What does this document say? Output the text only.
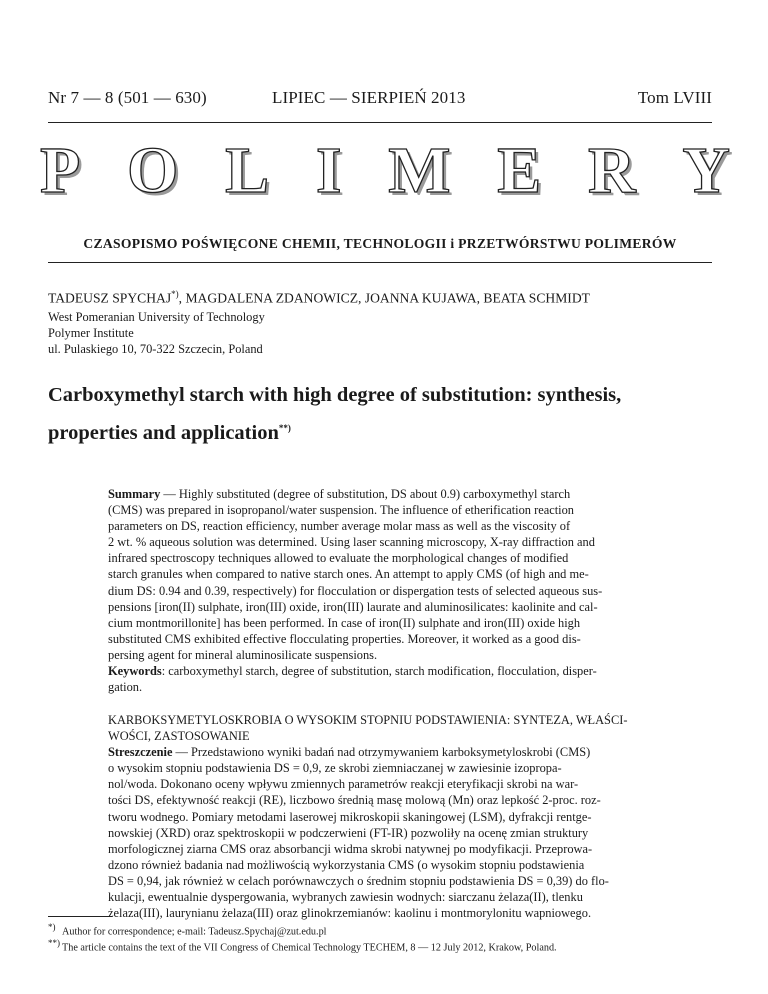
Nr 7 — 8 (501 — 630)	LIPIEC — SIERPIEŃ 2013	Tom LVIII
P O L I M E R Y
CZASOPISMO POŚWIĘCONE CHEMII, TECHNOLOGII i PRZETWÓRSTWU POLIMERÓW
TADEUSZ SPYCHAJ*), MAGDALENA ZDANOWICZ, JOANNA KUJAWA, BEATA SCHMIDT
West Pomeranian University of Technology
Polymer Institute
ul. Pulaskiego 10, 70-322 Szczecin, Poland
Carboxymethyl starch with high degree of substitution: synthesis,
properties and application**)
Summary — Highly substituted (degree of substitution, DS about 0.9) carboxymethyl starch
(CMS) was prepared in isopropanol/water suspension. The influence of etherification reaction
parameters on DS, reaction efficiency, number average molar mass as well as the viscosity of
2 wt. % aqueous solution was determined. Using laser scanning microscopy, X-ray diffraction and
infrared spectroscopy techniques allowed to evaluate the morphological changes of modified
starch granules when compared to native starch ones. An attempt to apply CMS (of high and me-
dium DS: 0.94 and 0.39, respectively) for flocculation or dispergation tests of selected aqueous sus-
pensions [iron(II) sulphate, iron(III) oxide, iron(III) laurate and aluminosilicates: kaolinite and cal-
cium montmorillonite] has been performed. In case of iron(II) sulphate and iron(III) oxide high
substituted CMS exhibited effective flocculating properties. Moreover, it worked as a good dis-
persing agent for mineral aluminosilicate suspensions.
Keywords: carboxymethyl starch, degree of substitution, starch modification, flocculation, disper-
gation.
KARBOKSYMETYLOSKROBIA O WYSOKIM STOPNIU PODSTAWIENIA: SYNTEZA, WŁAŚCI-
WOŚCI, ZASTOSOWANIE
Streszczenie — Przedstawiono wyniki badań nad otrzymywaniem karboksymetyloskrobi (CMS)
o wysokim stopniu podstawienia DS = 0,9, ze skrobi ziemniaczanej w zawiesinie izopropa-
nol/woda. Dokonano oceny wpływu zmiennych parametrów reakcji eteryfikacji skrobi na war-
tości DS, efektywność reakcji (RE), liczbowo średnią masę molową (Mn) oraz lepkość 2-proc. roz-
tworu wodnego. Pomiary metodami laserowej mikroskopii skaningowej (LSM), dyfrakcji rentge-
nowskiej (XRD) oraz spektroskopii w podczerwieni (FT-IR) pozwoliły na ocenę zmian struktury
morfologicznej ziarna CMS oraz absorbancji widma skrobi natywnej po modyfikacji. Przeprowa-
dzono również badania nad możliwością wykorzystania CMS (o wysokim stopniu podstawienia
DS = 0,94, jak również w celach porównawczych o średnim stopniu podstawienia DS = 0,39) do flo-
kulacji, ewentualnie dyspergowania, wybranych zawiesin wodnych: siarczanu żelaza(II), tlenku
żelaza(III), laurynianu żelaza(III) oraz glinokrzemianów: kaolinu i montmorylonitu wapniowego.
*) Author for correspondence; e-mail: Tadeusz.Spychaj@zut.edu.pl
**) The article contains the text of the VII Congress of Chemical Technology TECHEM, 8 — 12 July 2012, Krakow, Poland.
